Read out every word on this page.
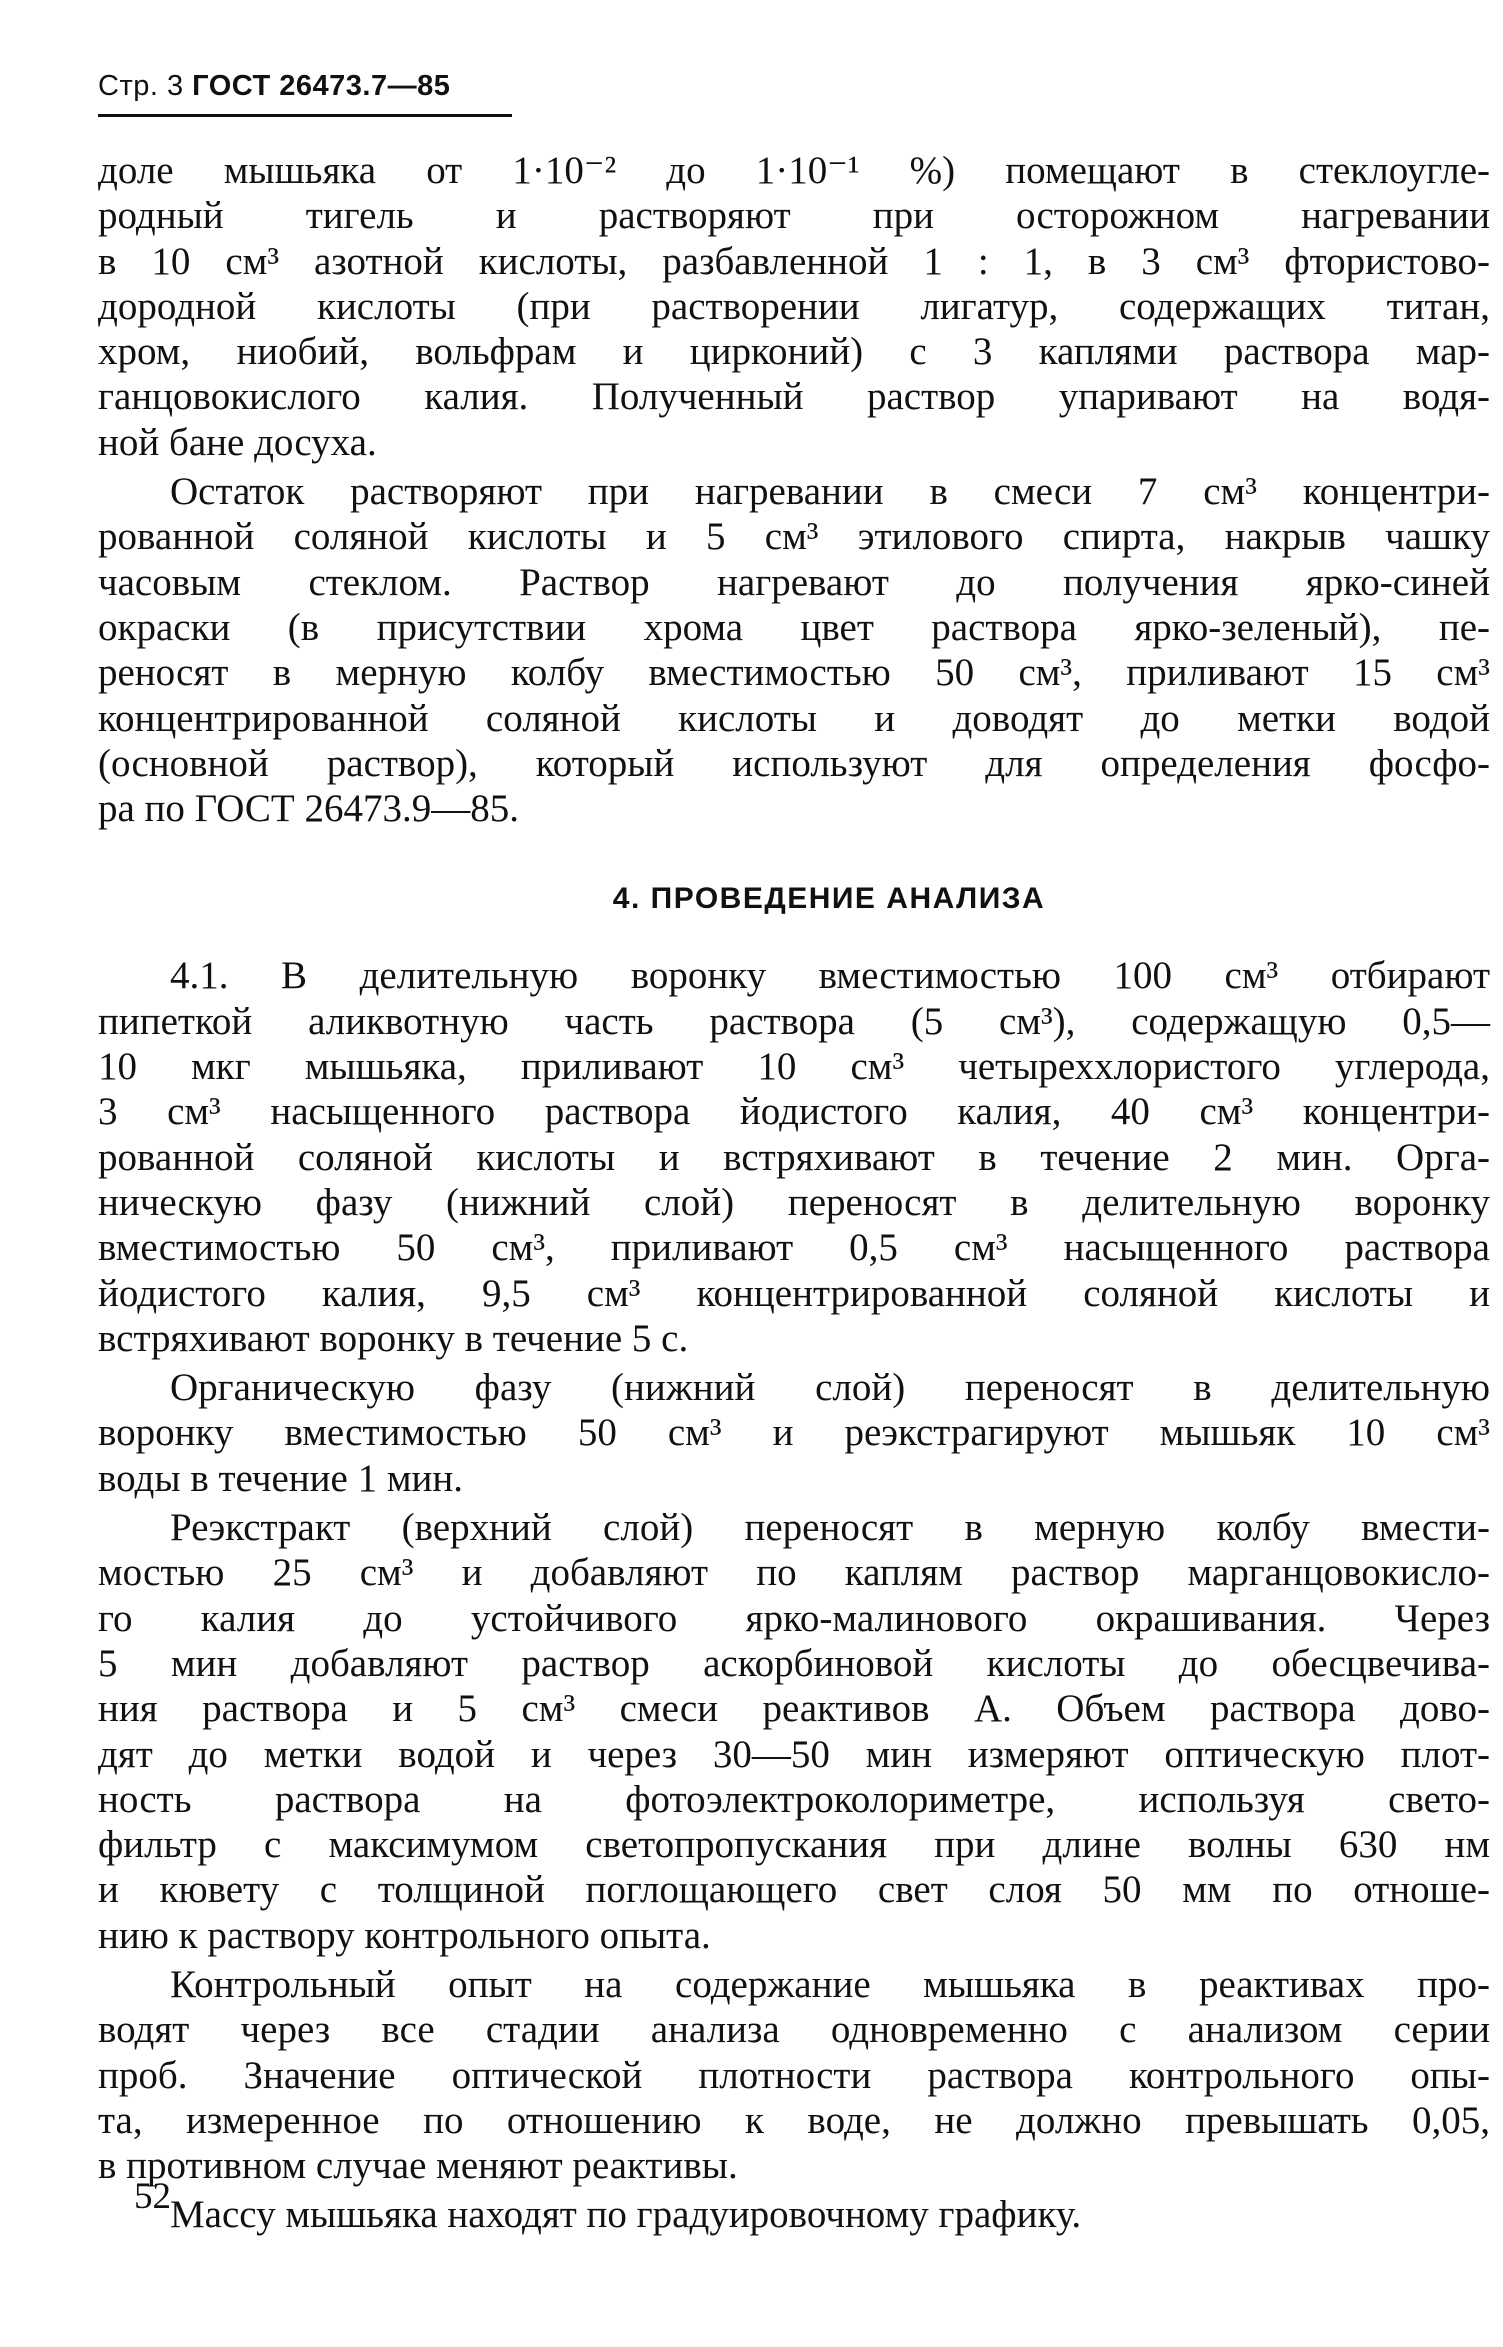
Стр. 3 ГОСТ 26473.7—85

доле мышьяка от 1·10⁻² до 1·10⁻¹ %) помещают в стеклоугле-
родный тигель и растворяют при осторожном нагревании
в 10 см³ азотной кислоты, разбавленной 1 : 1, в 3 см³ фтористово-
дородной кислоты (при растворении лигатур, содержащих титан,
хром, ниобий, вольфрам и цирконий) с 3 каплями раствора мар-
ганцовокислого калия. Полученный раствор упаривают на водя-
ной бане досуха.

Остаток растворяют при нагревании в смеси 7 см³ концентри-
рованной соляной кислоты и 5 см³ этилового спирта, накрыв чашку
часовым стеклом. Раствор нагревают до получения ярко-синей
окраски (в присутствии хрома цвет раствора ярко-зеленый), пе-
реносят в мерную колбу вместимостью 50 см³, приливают 15 см³
концентрированной соляной кислоты и доводят до метки водой
(основной раствор), который используют для определения фосфо-
ра по ГОСТ 26473.9—85.

4. ПРОВЕДЕНИЕ АНАЛИЗА

4.1. В делительную воронку вместимостью 100 см³ отбирают
пипеткой аликвотную часть раствора (5 см³), содержащую 0,5—
10 мкг мышьяка, приливают 10 см³ четыреххлористого углерода,
3 см³ насыщенного раствора йодистого калия, 40 см³ концентри-
рованной соляной кислоты и встряхивают в течение 2 мин. Орга-
ническую фазу (нижний слой) переносят в делительную воронку
вместимостью 50 см³, приливают 0,5 см³ насыщенного раствора
йодистого калия, 9,5 см³ концентрированной соляной кислоты и
встряхивают воронку в течение 5 с.

Органическую фазу (нижний слой) переносят в делительную
воронку вместимостью 50 см³ и реэкстрагируют мышьяк 10 см³
воды в течение 1 мин.

Реэкстракт (верхний слой) переносят в мерную колбу вмести-
мостью 25 см³ и добавляют по каплям раствор марганцовокисло-
го калия до устойчивого ярко-малинового окрашивания. Через
5 мин добавляют раствор аскорбиновой кислоты до обесцвечива-
ния раствора и 5 см³ смеси реактивов А. Объем раствора дово-
дят до метки водой и через 30—50 мин измеряют оптическую плот-
ность раствора на фотоэлектроколориметре, используя свето-
фильтр с максимумом светопропускания при длине волны 630 нм
и кювету с толщиной поглощающего свет слоя 50 мм по отноше-
нию к раствору контрольного опыта.

Контрольный опыт на содержание мышьяка в реактивах про-
водят через все стадии анализа одновременно с анализом серии
проб. Значение оптической плотности раствора контрольного опы-
та, измеренное по отношению к воде, не должно превышать 0,05,
в противном случае меняют реактивы.

Массу мышьяка находят по градуировочному графику.

52
